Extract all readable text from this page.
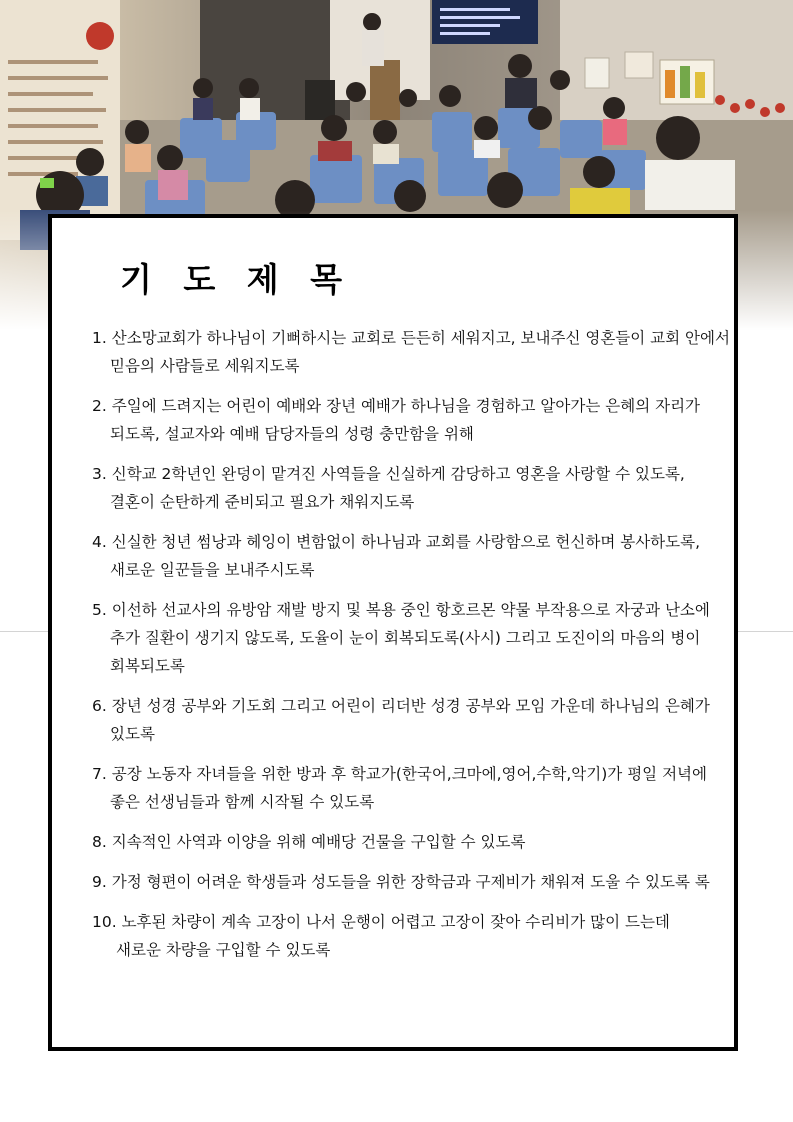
기 도 제 목
1. 산소망교회가 하나님이 기뻐하시는 교회로 든든히 세워지고, 보내주신 영혼들이 교회 안에서
믿음의 사람들로 세워지도록
2. 주일에 드려지는 어린이 예배와 장년 예배가 하나님을 경험하고 알아가는 은혜의 자리가
되도록, 설교자와 예배 담당자들의 성령 충만함을 위해
3. 신학교 2학년인 완덩이 맡겨진 사역들을 신실하게 감당하고 영혼을 사랑할 수 있도록,
결혼이 순탄하게 준비되고 필요가 채워지도록
4. 신실한 청년 썸낭과 헤잉이 변함없이 하나님과 교회를 사랑함으로 헌신하며 봉사하도록,
새로운 일꾼들을 보내주시도록
5. 이선하 선교사의 유방암 재발 방지 및 복용 중인 항호르몬 약물 부작용으로 자궁과 난소에
추가 질환이 생기지 않도록, 도율이 눈이 회복되도록(사시) 그리고 도진이의 마음의 병이
회복되도록
6. 장년 성경 공부와 기도회 그리고 어린이 리더반 성경 공부와 모임 가운데 하나님의 은혜가
있도록
7. 공장 노동자 자녀들을 위한 방과 후 학교가(한국어,크마에,영어,수학,악기)가 평일 저녁에
좋은 선생님들과 함께 시작될 수 있도록
8. 지속적인 사역과 이양을 위해 예배당 건물을 구입할 수 있도록
9. 가정 형편이 어려운 학생들과 성도들을 위한 장학금과 구제비가 채워져 도울 수 있도록 록
10. 노후된 차량이 계속 고장이 나서 운행이 어렵고 고장이 잦아 수리비가 많이 드는데
새로운 차량을 구입할 수 있도록
